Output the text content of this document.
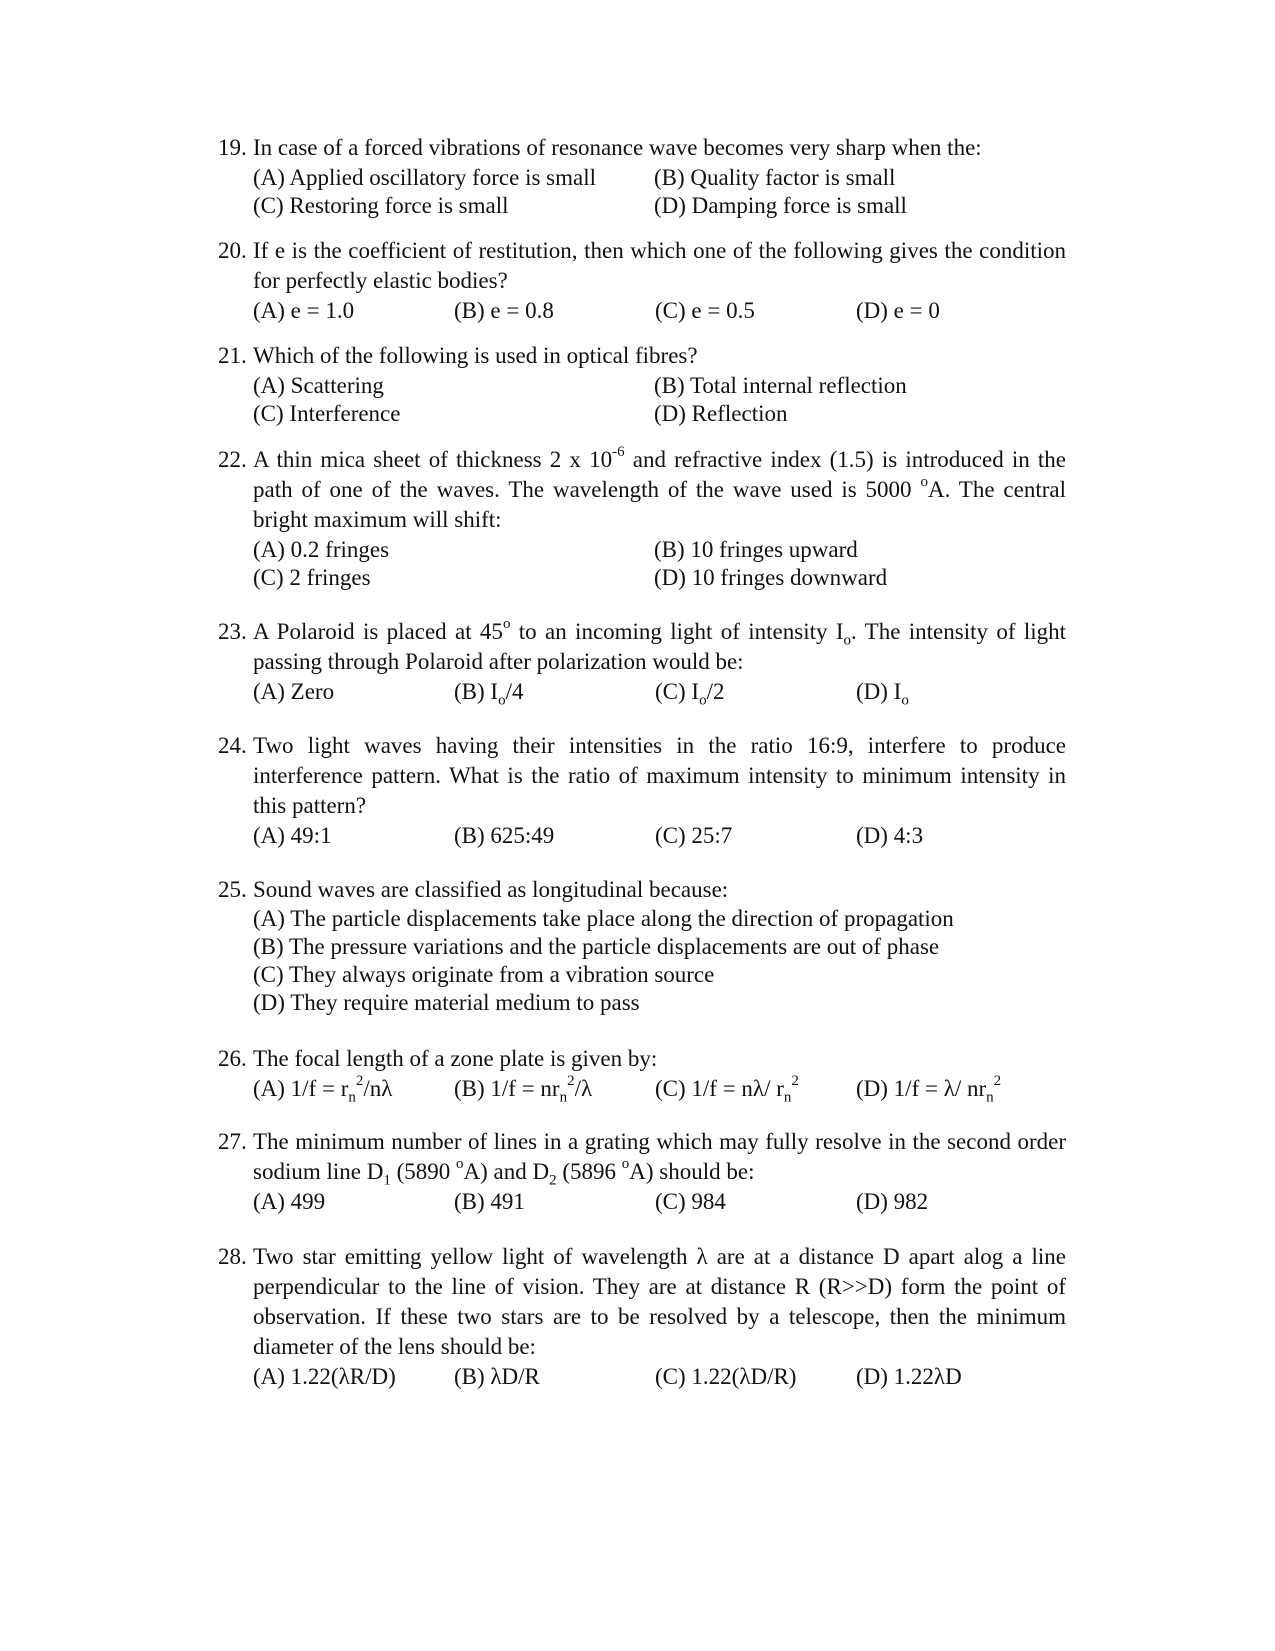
19. In case of a forced vibrations of resonance wave becomes very sharp when the:
(A) Applied oscillatory force is small	(B) Quality factor is small
(C) Restoring force is small	(D) Damping force is small
20. If e is the coefficient of restitution, then which one of the following gives the condition for perfectly elastic bodies?
(A) e = 1.0	(B) e = 0.8	(C) e = 0.5	(D) e = 0
21. Which of the following is used in optical fibres?
(A) Scattering	(B) Total internal reflection
(C) Interference	(D) Reflection
22. A thin mica sheet of thickness 2 x $10^{-6}$ and refractive index (1.5) is introduced in the path of one of the waves. The wavelength of the wave used is 5000 $^o$A. The central bright maximum will shift:
(A) 0.2 fringes	(B) 10 fringes upward
(C) 2 fringes	(D) 10 fringes downward
23. A Polaroid is placed at 45$^o$ to an incoming light of intensity $I_o$. The intensity of light passing through Polaroid after polarization would be:
(A) Zero	(B) $I_o/4$	(C) $I_o/2$	(D) $I_o$
24. Two light waves having their intensities in the ratio 16:9, interfere to produce interference pattern. What is the ratio of maximum intensity to minimum intensity in this pattern?
(A) 49:1	(B) 625:49	(C) 25:7	(D) 4:3
25. Sound waves are classified as longitudinal because:
(A) The particle displacements take place along the direction of propagation
(B) The pressure variations and the particle displacements are out of phase
(C) They always originate from a vibration source
(D) They require material medium to pass
26. The focal length of a zone plate is given by:
(A) $1/f = r_n^2/n\lambda$	(B) $1/f = nr_n^2/\lambda$	(C) 1/f = nλ/ $r_n^2$	(D) 1/f = λ/ $nr_n^2$
27. The minimum number of lines in a grating which may fully resolve in the second order sodium line $D_1$ (5890 $^o$A) and $D_2$ (5896 $^o$A) should be:
(A) 499	(B) 491	(C) 984	(D) 982
28. Two star emitting yellow light of wavelength λ are at a distance D apart alog a line perpendicular to the line of vision. They are at distance R (R>>D) form the point of observation. If these two stars are to be resolved by a telescope, then the minimum diameter of the lens should be:
(A) 1.22(λR/D)	(B) λD/R	(C) 1.22(λD/R)	(D) 1.22λD
